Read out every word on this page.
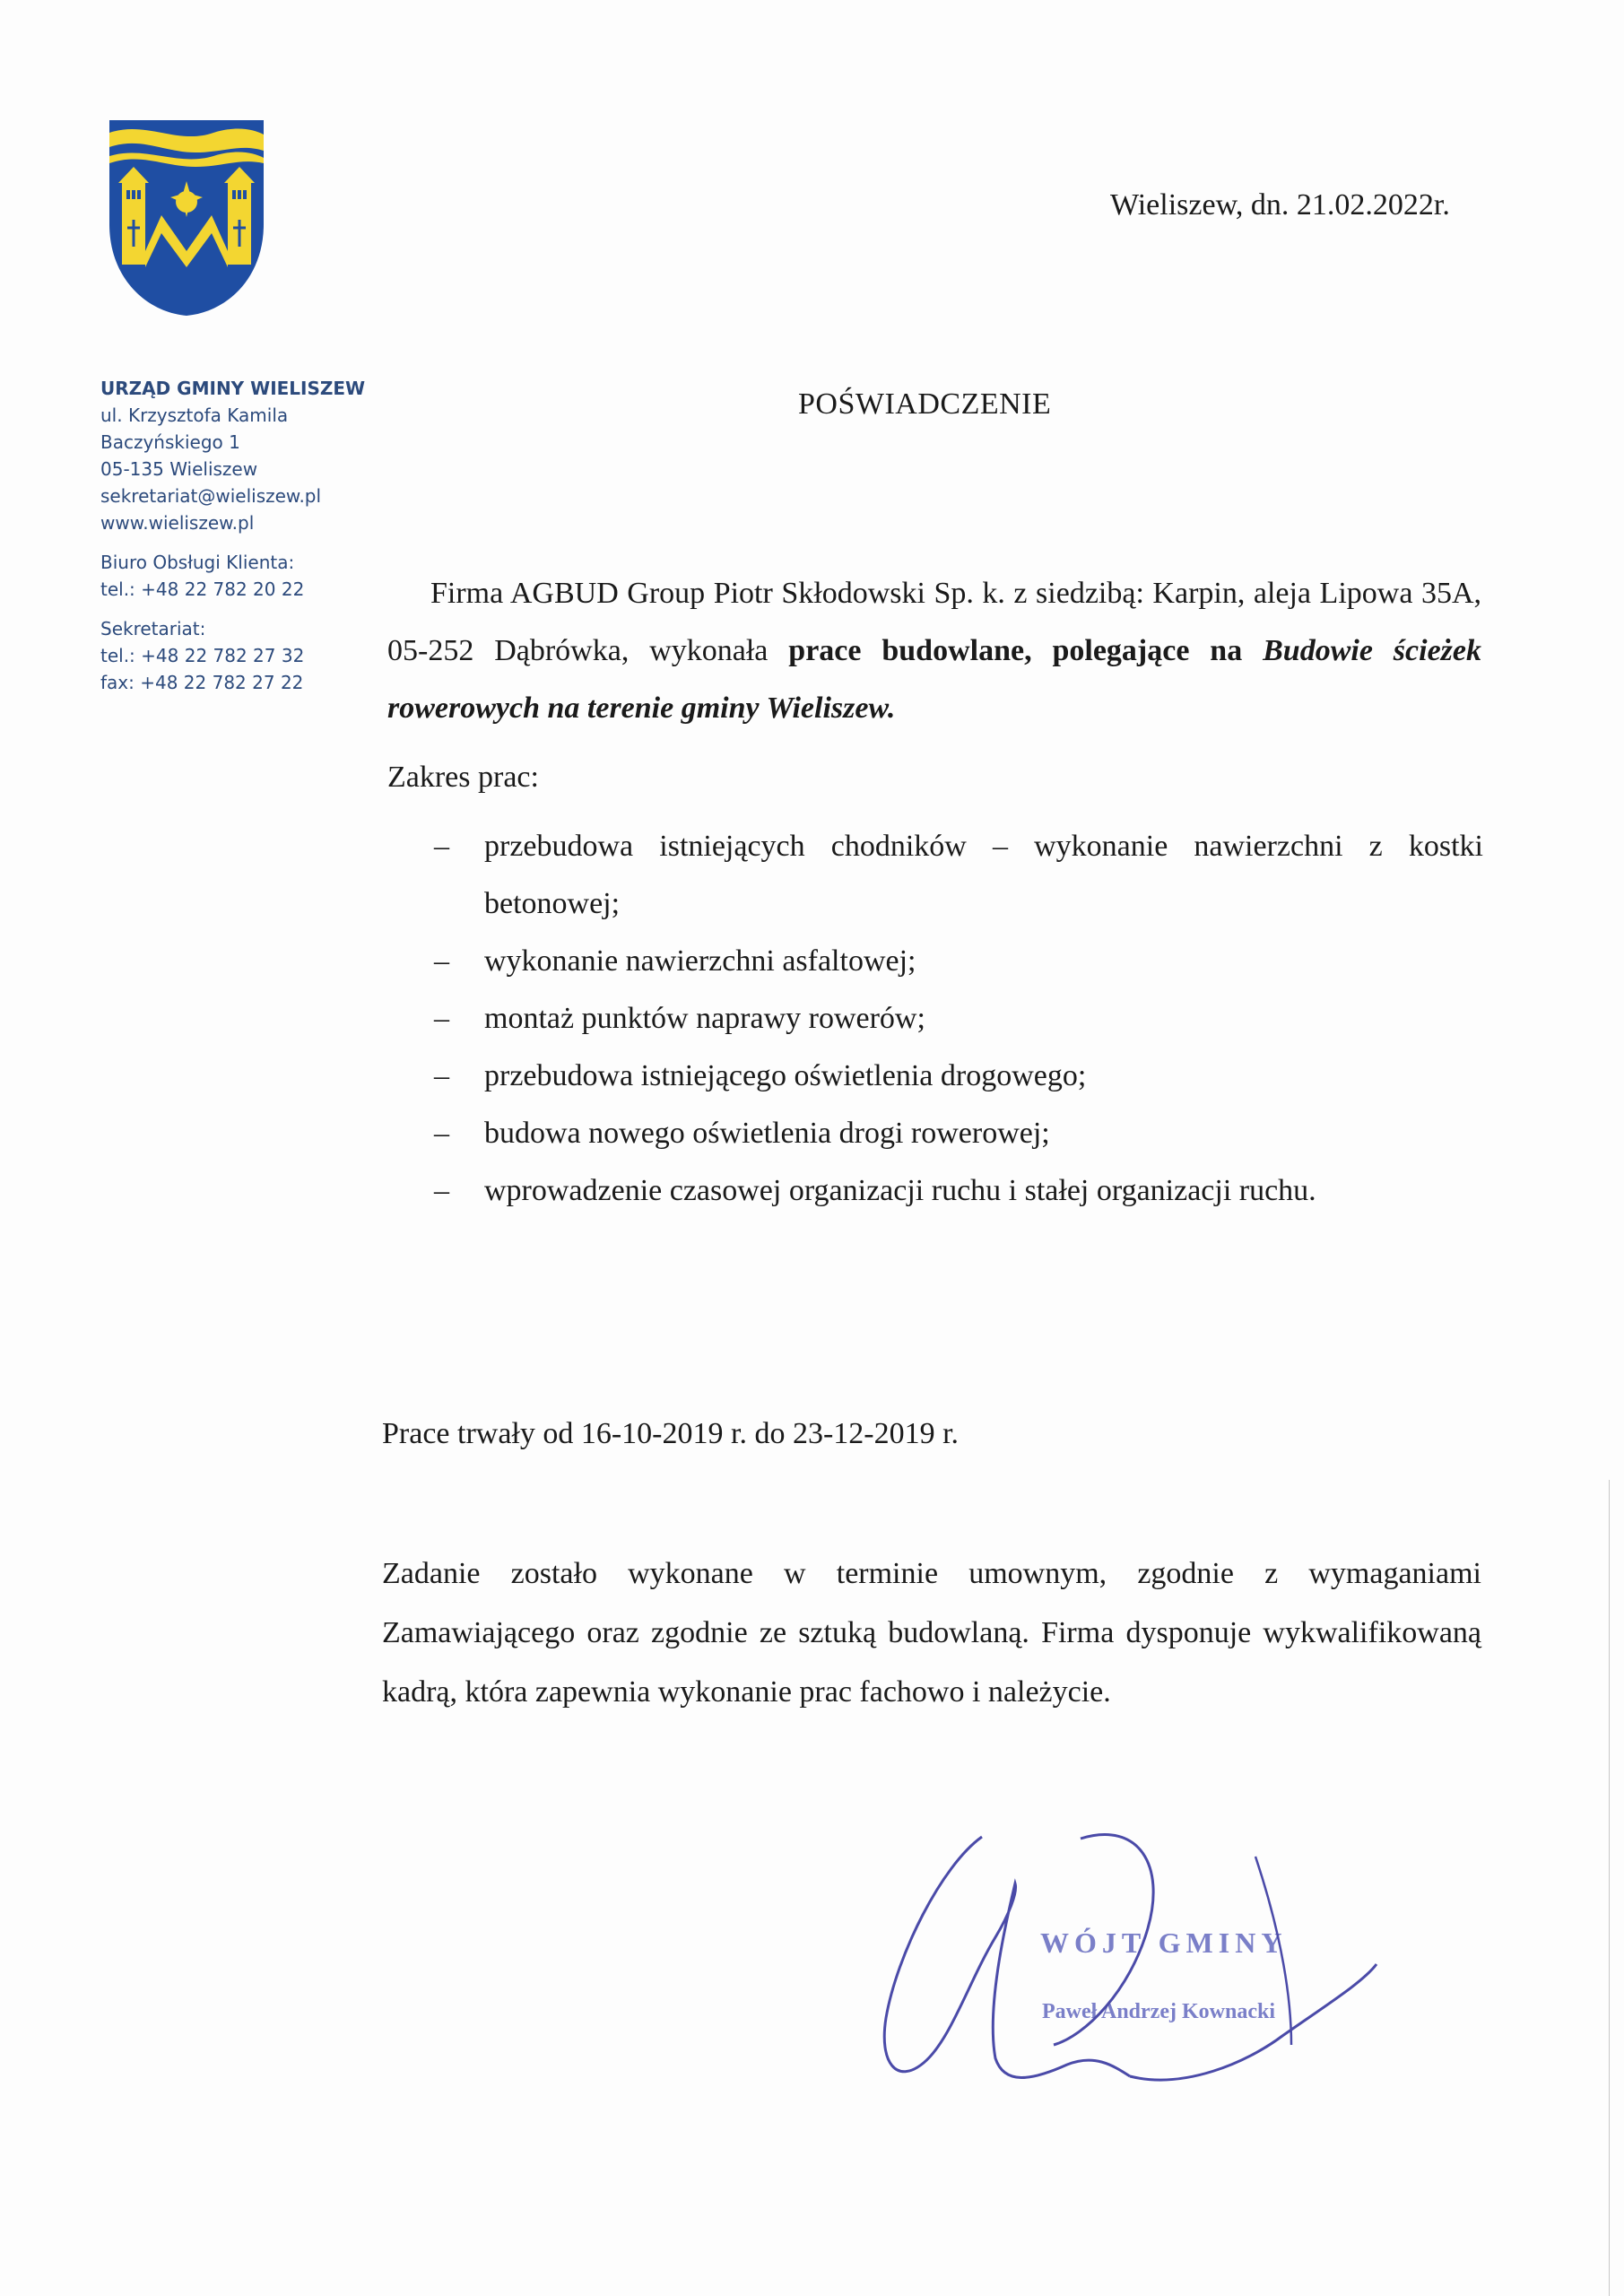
Wieliszew, dn. 21.02.2022r.

URZĄD GMINY WIELISZEW

ul. Krzysztofa Kamila

Baczyńskiego 1

05-135 Wieliszew

sekretariat@wieliszew.pl

www.wieliszew.pl

Biuro Obsługi Klienta:

tel.: +48 22 782 20 22

Sekretariat:

tel.: +48 22 782 27 32

fax: +48 22 782 27 22

POŚWIADCZENIE

Firma AGBUD Group Piotr Skłodowski Sp. k. z siedzibą: Karpin, aleja Lipowa 35A, 05-252 Dąbrówka, wykonała prace budowlane, polegające na Budowie ścieżek rowerowych na terenie gminy Wieliszew.

Zakres prac:
– przebudowa istniejących chodników – wykonanie nawierzchni z kostki betonowej;
– wykonanie nawierzchni asfaltowej;
– montaż punktów naprawy rowerów;
– przebudowa istniejącego oświetlenia drogowego;
– budowa nowego oświetlenia drogi rowerowej;
– wprowadzenie czasowej organizacji ruchu i stałej organizacji ruchu.
Prace trwały od 16-10-2019 r. do 23-12-2019 r.

Zadanie zostało wykonane w terminie umownym, zgodnie z wymaganiami Zamawiającego oraz zgodnie ze sztuką budowlaną. Firma dysponuje wykwalifikowaną kadrą, która zapewnia wykonanie prac fachowo i należycie.

WÓJT GMINY
Paweł Andrzej Kownacki
